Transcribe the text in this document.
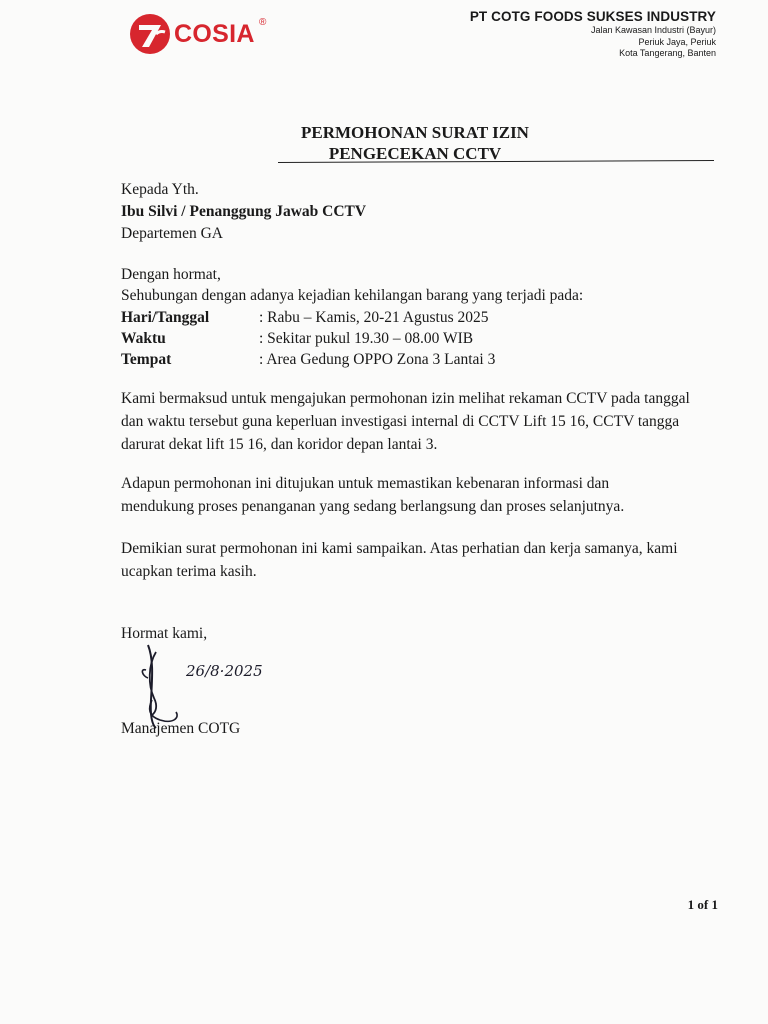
COSIA ®	PT COTG FOODS SUKSES INDUSTRY
Jalan Kawasan Industri (Bayur)
Periuk Jaya, Periuk
Kota Tangerang, Banten
PERMOHONAN SURAT IZIN
PENGECEKAN CCTV
Kepada Yth.
Ibu Silvi / Penanggung Jawab CCTV
Departemen GA
Dengan hormat,
Sehubungan dengan adanya kejadian kehilangan barang yang terjadi pada:
Hari/Tanggal	: Rabu – Kamis, 20-21 Agustus 2025
Waktu	: Sekitar pukul 19.30 – 08.00 WIB
Tempat	: Area Gedung OPPO Zona 3 Lantai 3
Kami bermaksud untuk mengajukan permohonan izin melihat rekaman CCTV pada tanggal
dan waktu tersebut guna keperluan investigasi internal di CCTV Lift 15 16, CCTV tangga
darurat dekat lift 15 16, dan koridor depan lantai 3.
Adapun permohonan ini ditujukan untuk memastikan kebenaran informasi dan
mendukung proses penanganan yang sedang berlangsung dan proses selanjutnya.
Demikian surat permohonan ini kami sampaikan. Atas perhatian dan kerja samanya, kami
ucapkan terima kasih.
Hormat kami,
26/8·2025
Manajemen COTG
1 of 1
